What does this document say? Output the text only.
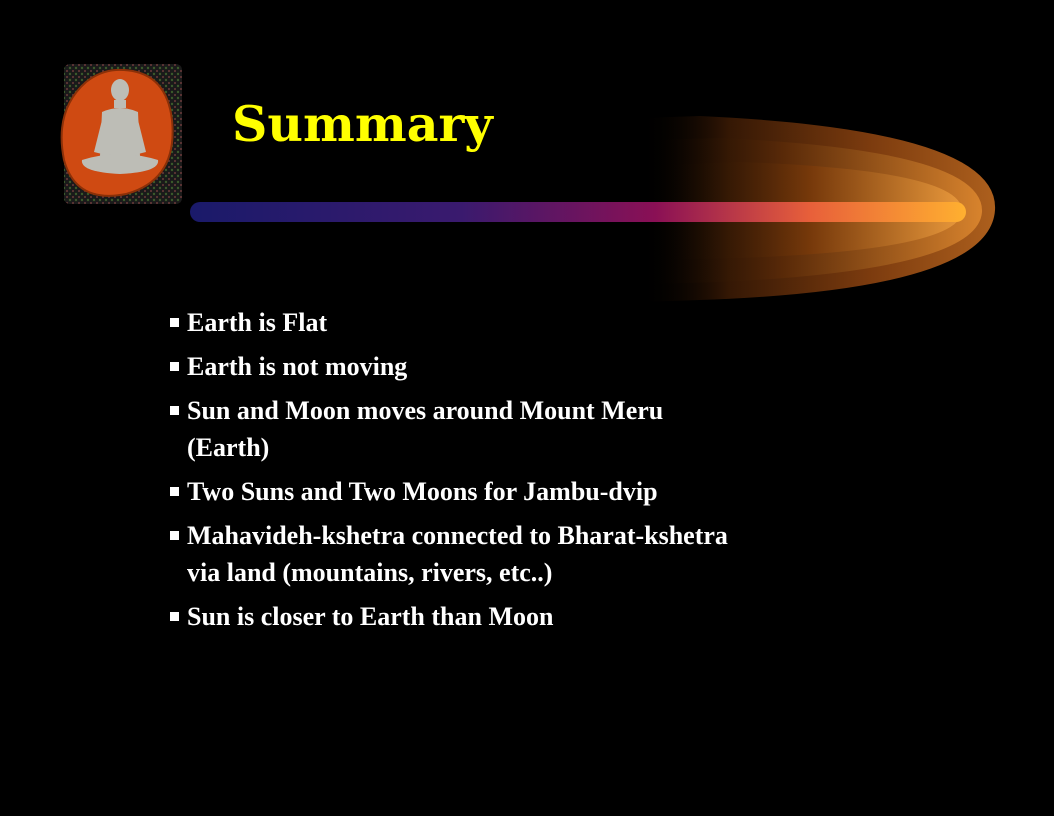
Summary
Earth is Flat
Earth is not moving
Sun and Moon moves around Mount Meru (Earth)
Two Suns and Two Moons for Jambu-dvip
Mahavideh-kshetra connected to Bharat-kshetra via land (mountains, rivers, etc..)
Sun is closer to Earth than Moon
